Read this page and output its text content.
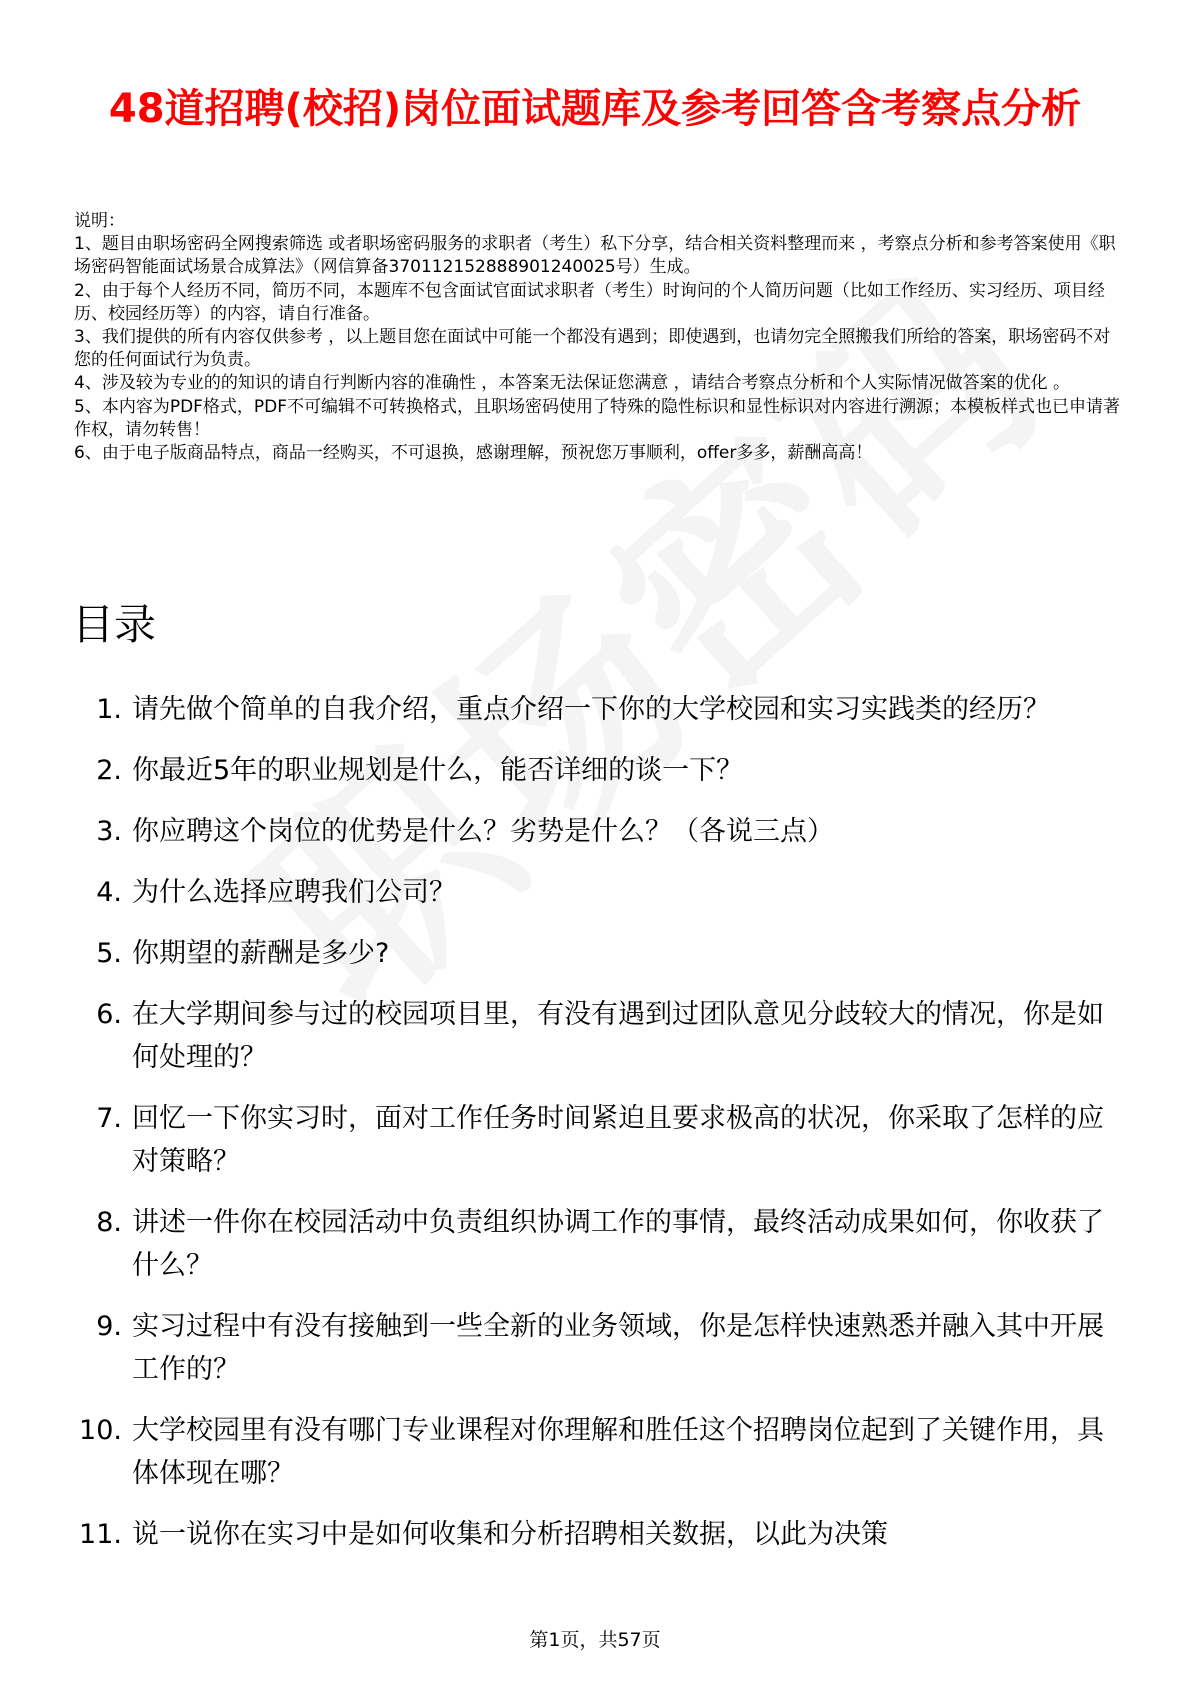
48道招聘(校招)岗位面试题库及参考回答含考察点分析

说明：

1、题目由职场密码全网搜索筛选 或者职场密码服务的求职者（考生）私下分享，结合相关资料整理而来 ，考察点分析和参考答案使用《职场密码智能面试场景合成算法》（网信算备370112152888901240025号）生成。

2、由于每个人经历不同，简历不同，本题库不包含面试官面试求职者（考生）时询问的个人简历问题（比如工作经历、实习经历、项目经历、校园经历等）的内容，请自行准备。

3、我们提供的所有内容仅供参考 ，以上题目您在面试中可能一个都没有遇到；即使遇到，也请勿完全照搬我们所给的答案，职场密码不对您的任何面试行为负责。

4、涉及较为专业的的知识的请自行判断内容的准确性 ，本答案无法保证您满意 ，请结合考察点分析和个人实际情况做答案的优化 。

5、本内容为PDF格式，PDF不可编辑不可转换格式，且职场密码使用了特殊的隐性标识和显性标识对内容进行溯源；本模板样式也已申请著作权，请勿转售！

6、由于电子版商品特点，商品一经购买，不可退换，感谢理解，预祝您万事顺利，offer多多，薪酬高高！

目录
1. 请先做个简单的自我介绍，重点介绍一下你的大学校园和实习实践类的经历？
2. 你最近5年的职业规划是什么，能否详细的谈一下？
3. 你应聘这个岗位的优势是什么？劣势是什么？（各说三点）
4. 为什么选择应聘我们公司？
5. 你期望的薪酬是多少?
6. 在大学期间参与过的校园项目里，有没有遇到过团队意见分歧较大的情况，你是如何处理的？
7. 回忆一下你实习时，面对工作任务时间紧迫且要求极高的状况，你采取了怎样的应对策略？
8. 讲述一件你在校园活动中负责组织协调工作的事情，最终活动成果如何，你收获了什么？
9. 实习过程中有没有接触到一些全新的业务领域，你是怎样快速熟悉并融入其中开展工作的？
10. 大学校园里有没有哪门专业课程对你理解和胜任这个招聘岗位起到了关键作用，具体体现在哪？
11. 说一说你在实习中是如何收集和分析招聘相关数据，以此为决策
第1页，共57页
